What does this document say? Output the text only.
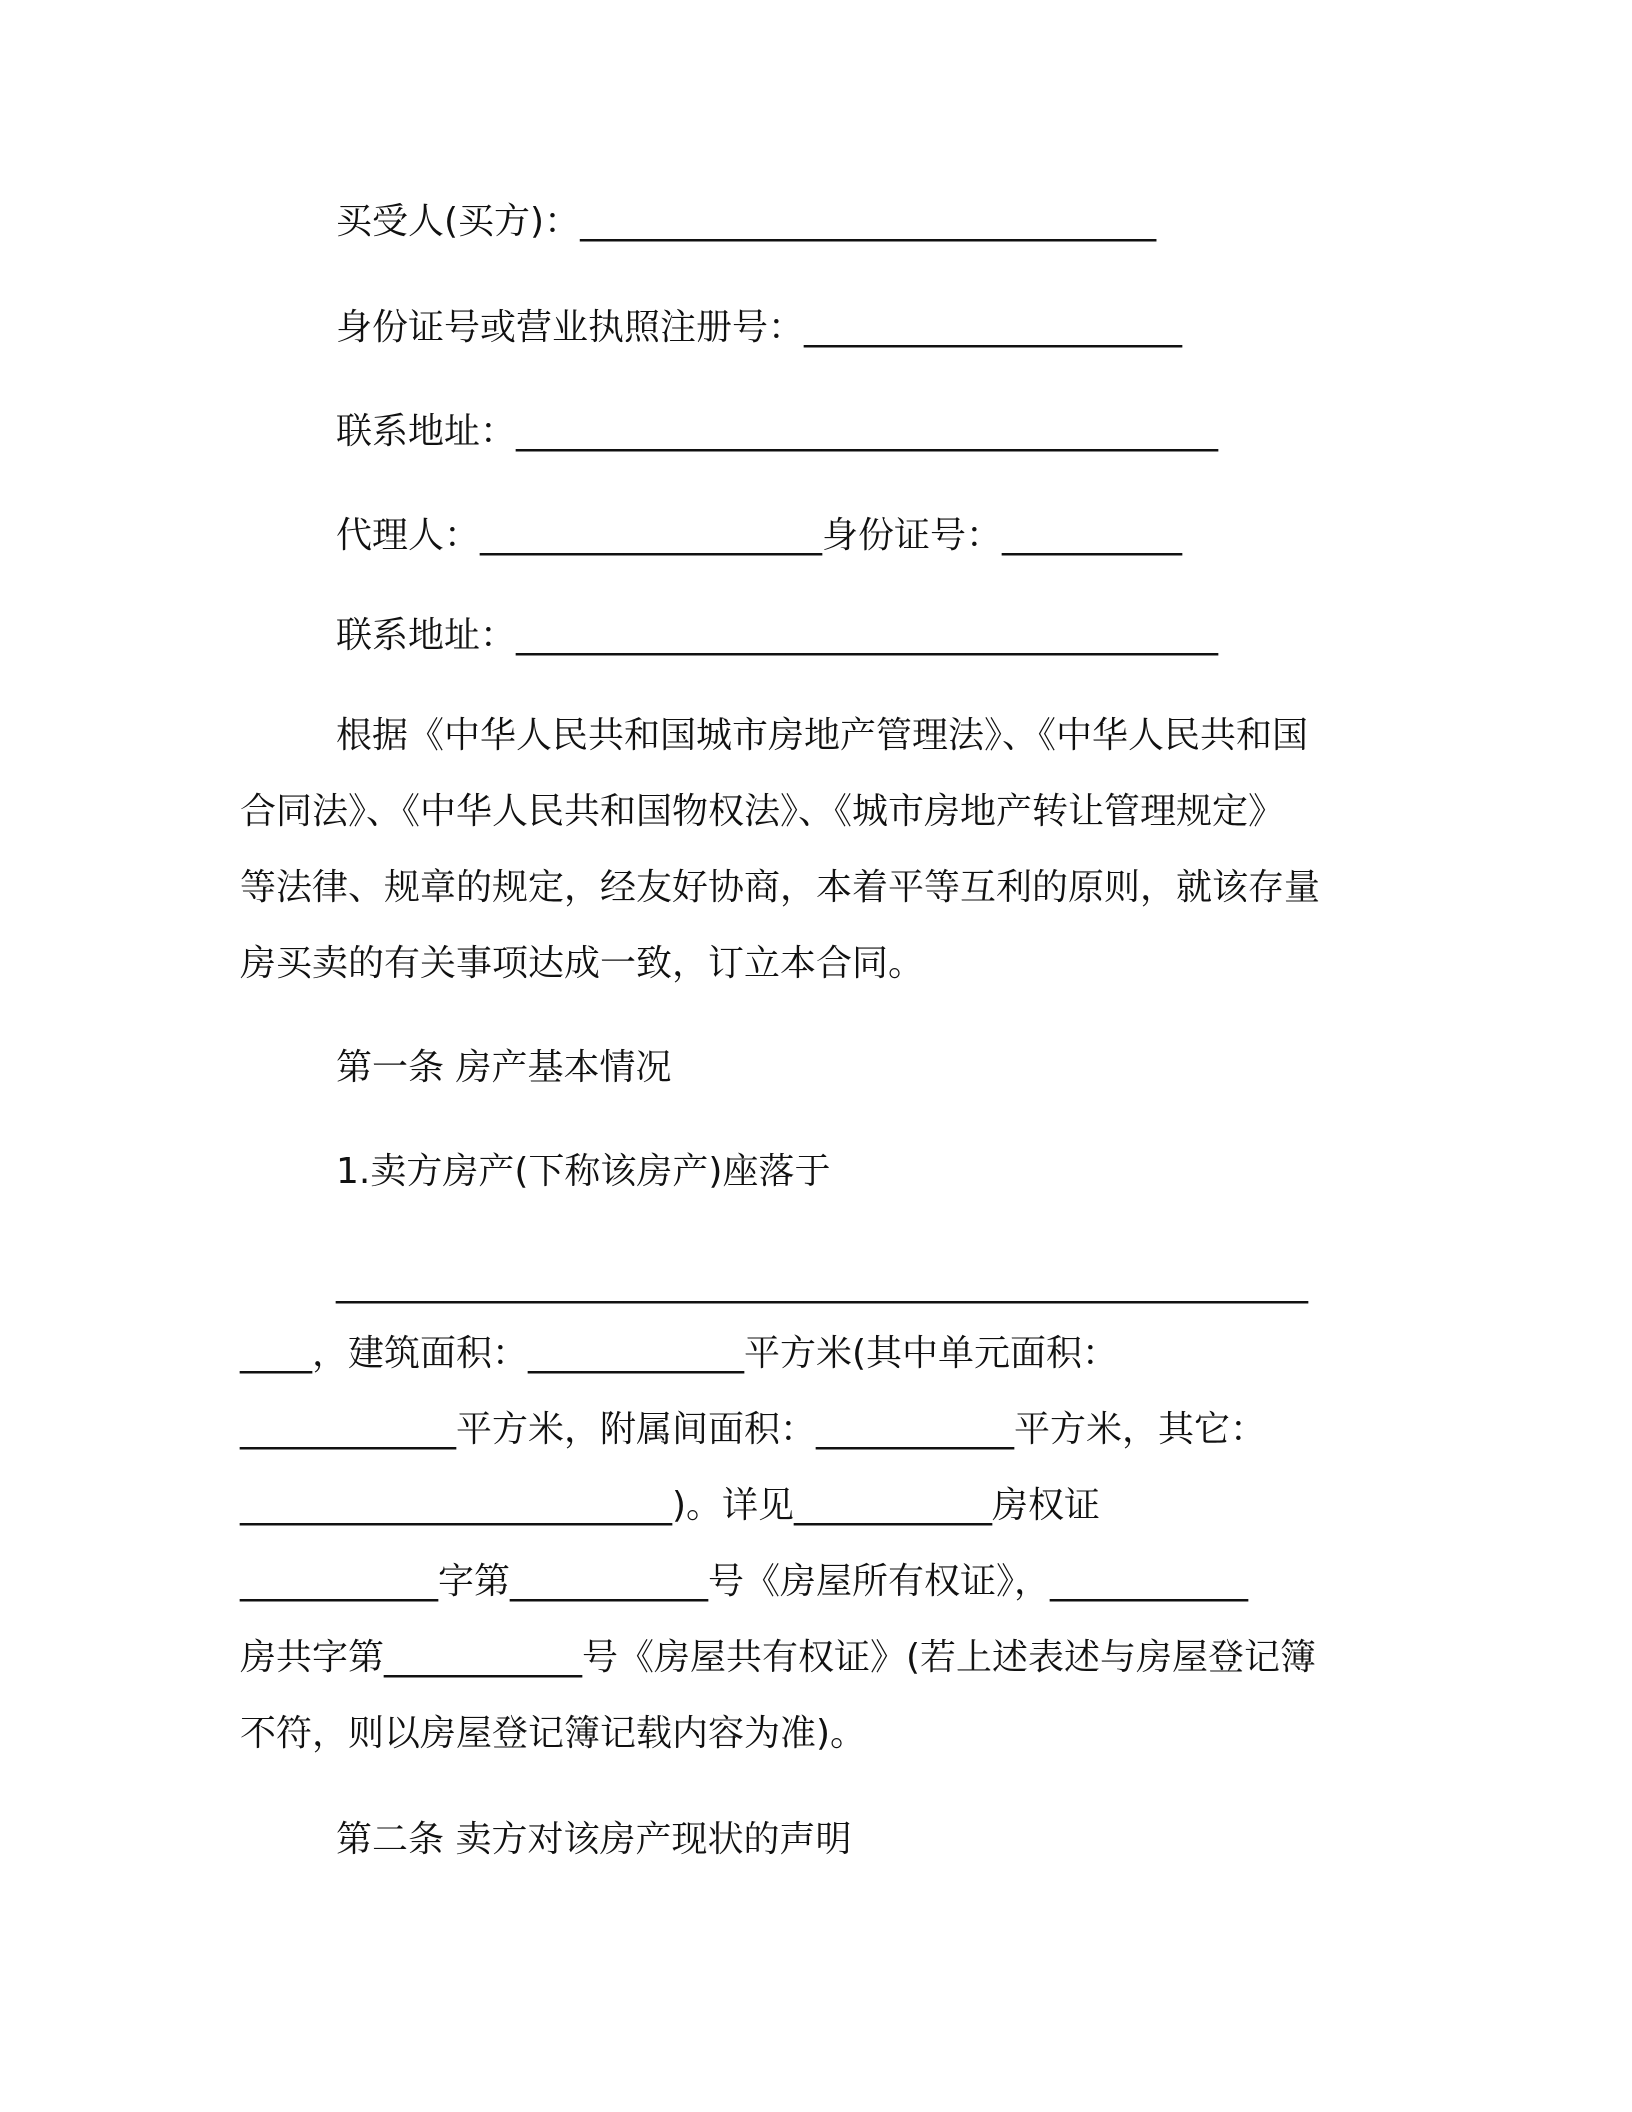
买受人(买方)：________________________________

身份证号或营业执照注册号：_____________________

联系地址：_______________________________________

代理人：___________________身份证号：__________

联系地址：_______________________________________

根据《中华人民共和国城市房地产管理法》、《中华人民共和国

合同法》、《中华人民共和国物权法》、《城市房地产转让管理规定》

等法律、规章的规定，经友好协商，本着平等互利的原则，就该存量

房买卖的有关事项达成一致，订立本合同。

第一条 房产基本情况

1.卖方房产(下称该房产)座落于

______________________________________________________

____，建筑面积：____________平方米(其中单元面积：

____________平方米，附属间面积：___________平方米，其它：

________________________)。详见___________房权证

___________字第___________号《房屋所有权证》，___________

房共字第___________号《房屋共有权证》(若上述表述与房屋登记簿

不符，则以房屋登记簿记载内容为准)。

第二条 卖方对该房产现状的声明
